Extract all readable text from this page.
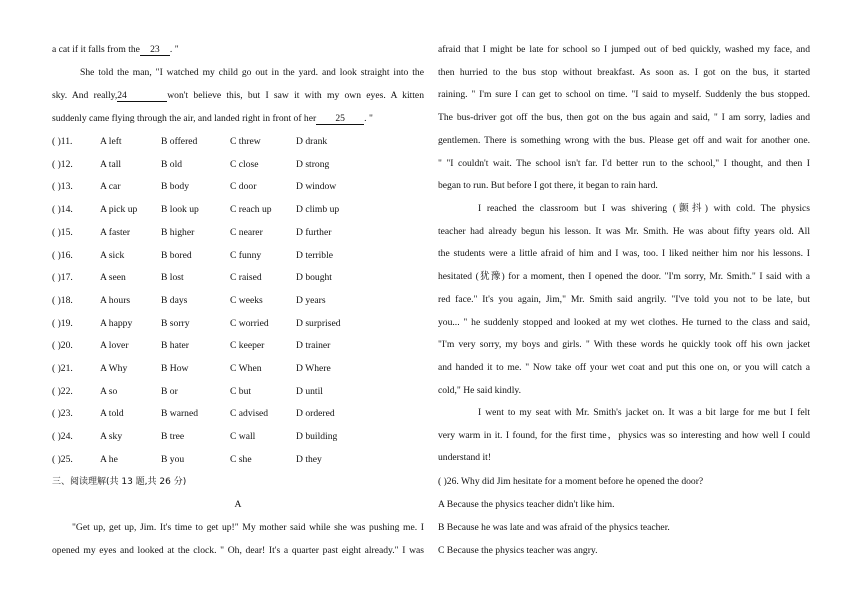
a cat if it falls from the 23 . "
She told the man, "I watched my child go out in the yard. and look straight into the
sky. And really,24	won't believe this, but I saw it with my own eyes. A kitten
suddenly came flying through the air, and landed right in front of her 25 . "
( )11.	A left	B offered	C threw	D drank
( )12.	A tall	B old	C close	D strong
( )13.	A car	B body	C door	D window
( )14.	A pick up B look up	C reach up	D climb up
( )15.	A faster	B higher	C nearer	D further
( )16.	A sick	B bored	C funny	D terrible
( )17.	A seen	B lost	C raised	D bought
( )18.	A hours	B days	C weeks	D years
( )19.	A happy	B sorry	C worried	D surprised
( )20.	A lover	B hater	C keeper	D trainer
( )21.	A Why	B How	C When	D Where
( )22.	A so	B or	C but	D until
( )23.	A told	B warned	C advised	D ordered
( )24.	A sky	B tree	C wall	D building
( )25.	A he	B you	C she	D they
三、阅读理解(共 13 题,共 26 分)
A
"Get up, get up, Jim. It's time to get up!" My mother said while she was pushing me. I
opened my eyes and looked at the clock. " Oh, dear! It's a quarter past eight already." I was
afraid that I might be late for school so I jumped out of bed quickly, washed my face, and
then hurried to the bus stop without breakfast. As soon as. I got on the bus, it started
raining. " I'm sure I can get to school on time. "I said to myself. Suddenly the bus stopped.
The bus-driver got off the bus, then got on the bus again and said, " I am sorry, ladies and
gentlemen. There is something wrong with the bus. Please get off and wait for another one.
" "I couldn't wait. The school isn't far. I'd better run to the school," I thought, and then I
began to run. But before I got there, it began to rain hard.
I reached the classroom but I was shivering (颤抖) with cold. The physics
teacher had already begun his lesson. It was Mr. Smith. He was about fifty years old. All
the students were a little afraid of him and I was, too. I liked neither him nor his lessons. I
hesitated (犹豫) for a moment, then I opened the door. "I'm sorry, Mr. Smith." I said with a
red face." It's you again, Jim," Mr. Smith said angrily. "I've told you not to be late, but
you... " he suddenly stopped and looked at my wet clothes. He turned to the class and said,
"I'm very sorry, my boys and girls. " With these words he quickly took off his own jacket
and handed it to me. " Now take off your wet coat and put this one on, or you will catch a
cold," He said kindly.
I went to my seat with Mr. Smith's jacket on. It was a bit large for me but I felt
very warm in it. I found, for the first time，physics was so interesting and how well I could
understand it!
( )26. Why did Jim hesitate for a moment before he opened the door?
A Because the physics teacher didn't like him.
B Because he was late and was afraid of the physics teacher.
C Because the physics teacher was angry.
